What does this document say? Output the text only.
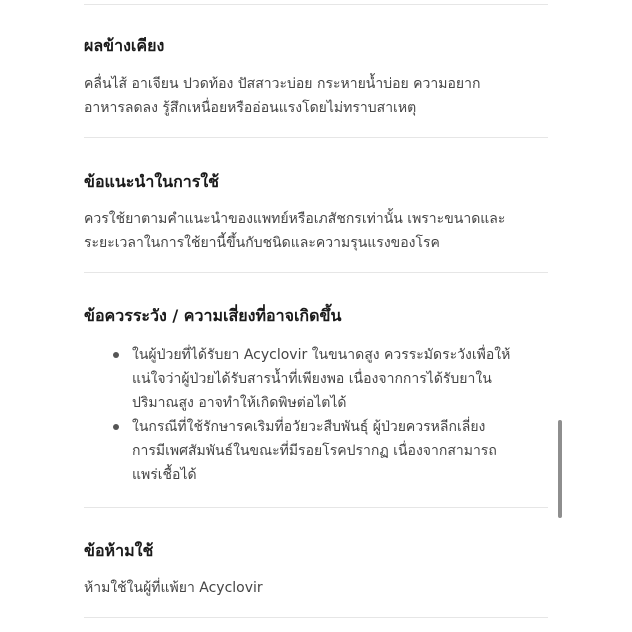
ผลข้างเคียง
คลื่นไส้ อาเจียน ปวดท้อง ปัสสาวะบ่อย กระหายน้ำบ่อย ความอยาก
อาหารลดลง รู้สึกเหนื่อยหรืออ่อนแรงโดยไม่ทราบสาเหตุ
ข้อแนะนำในการใช้
ควรใช้ยาตามคำแนะนำของแพทย์หรือเภสัชกรเท่านั้น เพราะขนาดและ
ระยะเวลาในการใช้ยานี้ขึ้นกับชนิดและความรุนแรงของโรค
ข้อควรระวัง / ความเสี่ยงที่อาจเกิดขึ้น
ในผู้ป่วยที่ได้รับยา Acyclovir ในขนาดสูง ควรระมัดระวังเพื่อให้
แน่ใจว่าผู้ป่วยได้รับสารน้ำที่เพียงพอ เนื่องจากการได้รับยาใน
ปริมาณสูง อาจทำให้เกิดพิษต่อไตได้
ในกรณีที่ใช้รักษารคเริมที่อวัยวะสืบพันธุ์ ผู้ป่วยควรหลีกเลี่ยง
การมีเพศสัมพันธ์ในขณะที่มีรอยโรคปรากฏ เนื่องจากสามารถ
แพร่เชื้อได้
ข้อห้ามใช้
ห้ามใช้ในผู้ที่แพ้ยา Acyclovir
